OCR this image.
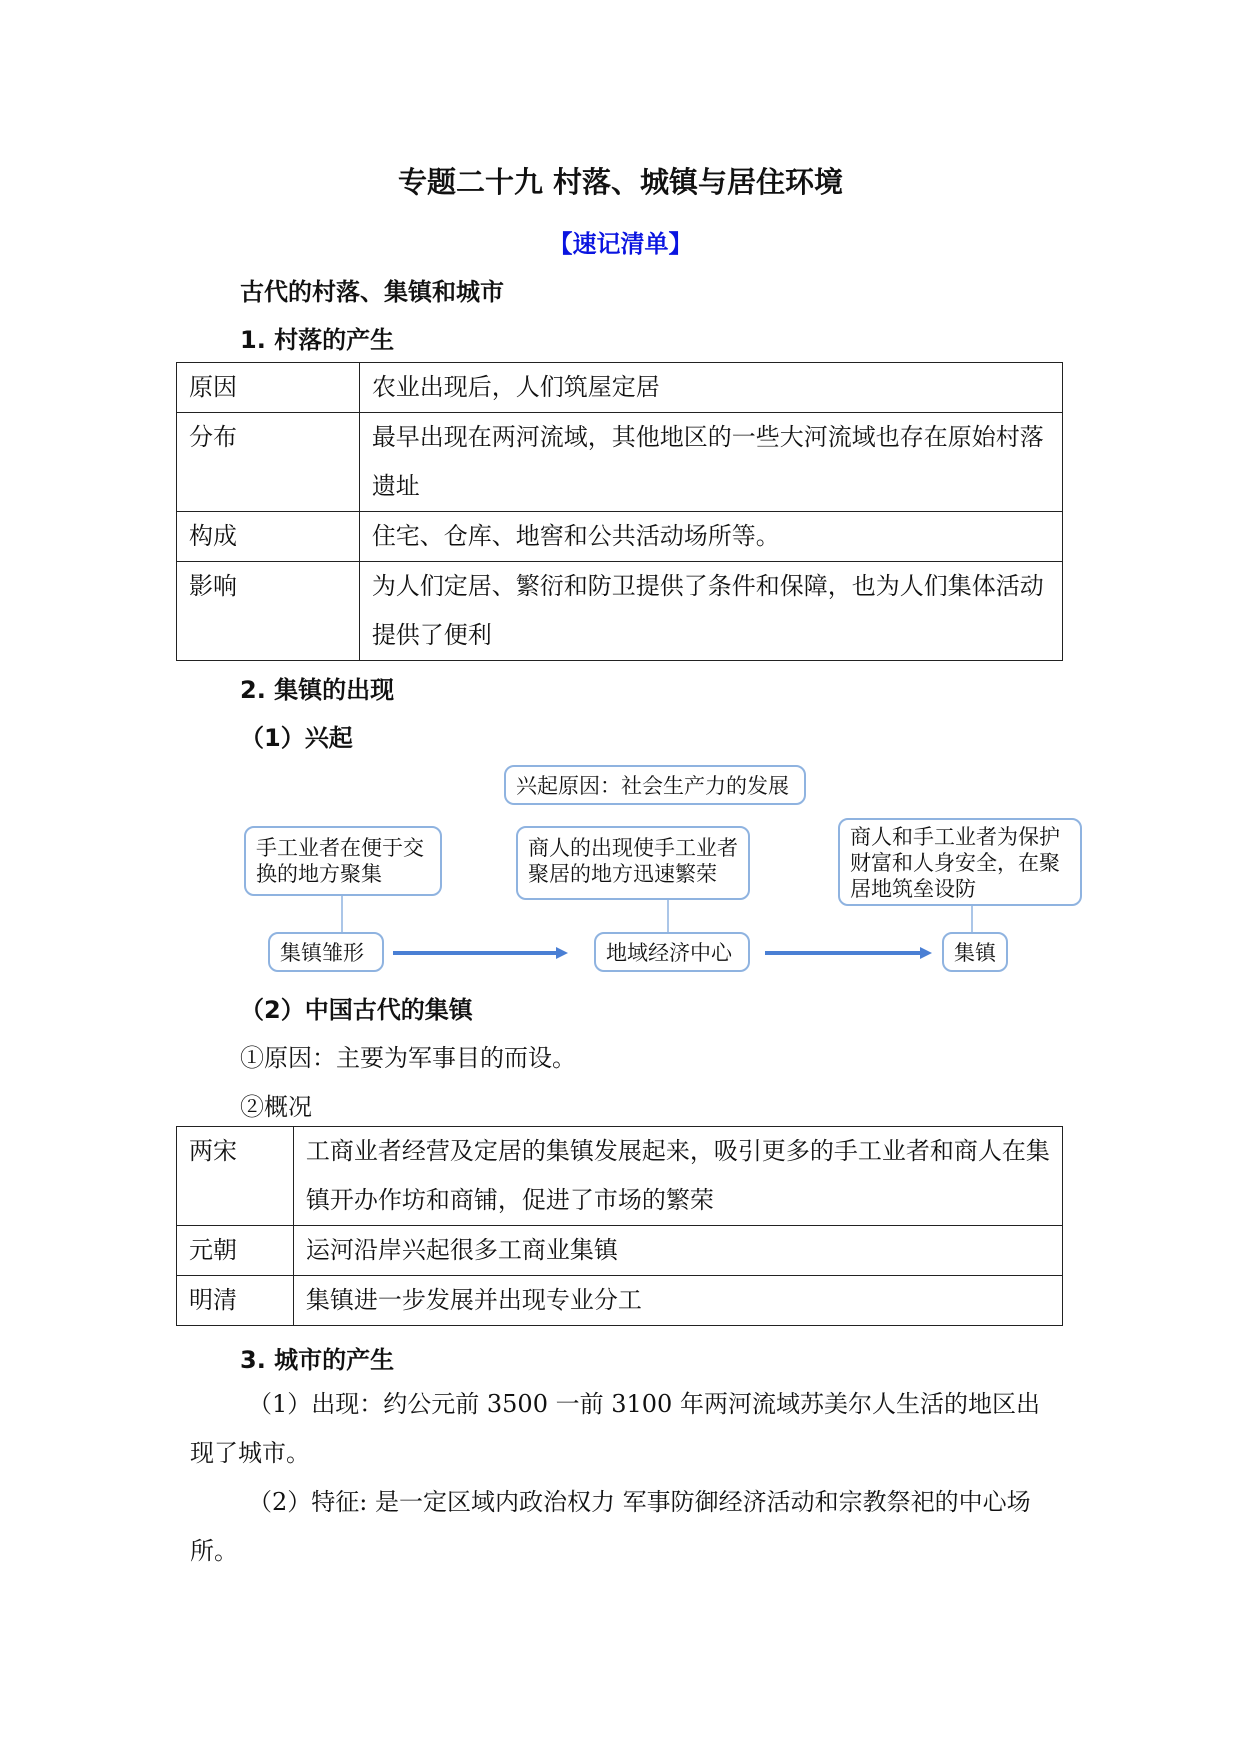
专题二十九 村落、城镇与居住环境
【速记清单】
古代的村落、集镇和城市
1. 村落的产生
原因	农业出现后，人们筑屋定居
分布	最早出现在两河流域，其他地区的一些大河流域也存在原始村落遗址
构成	住宅、仓库、地窖和公共活动场所等。
影响	为人们定居、繁衍和防卫提供了条件和保障，也为人们集体活动提供了便利
2. 集镇的出现
（1）兴起
兴起原因：社会生产力的发展
手工业者在便于交换的地方聚集
商人的出现使手工业者聚居的地方迅速繁荣
商人和手工业者为保护财富和人身安全，在聚居地筑垒设防
集镇雏形	地域经济中心	集镇
（2）中国古代的集镇
①原因：主要为军事目的而设。
②概况
两宋	工商业者经营及定居的集镇发展起来，吸引更多的手工业者和商人在集镇开办作坊和商铺，促进了市场的繁荣
元朝	运河沿岸兴起很多工商业集镇
明清	集镇进一步发展并出现专业分工
3. 城市的产生
（1）出现：约公元前 3500 一前 3100 年两河流域苏美尔人生活的地区出现了城市。
（2）特征: 是一定区域内政治权力 军事防御经济活动和宗教祭祀的中心场所。
